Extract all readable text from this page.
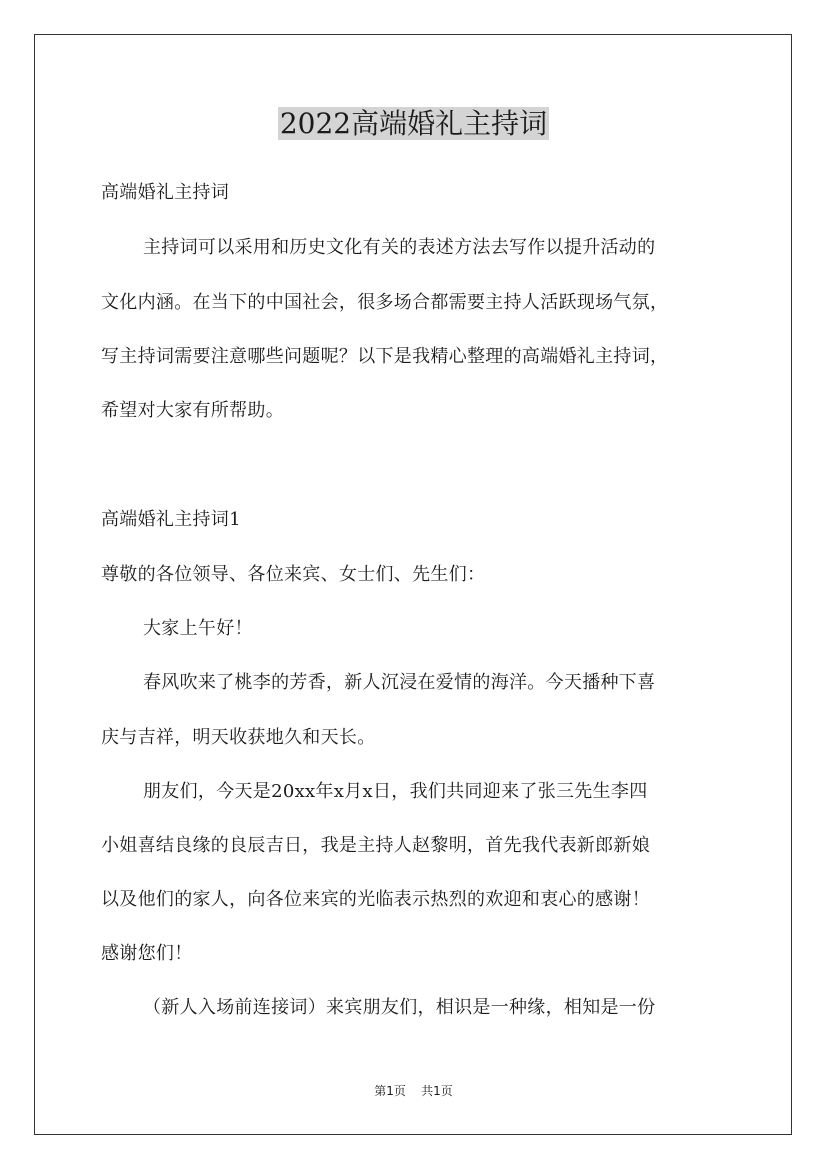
2022高端婚礼主持词
高端婚礼主持词
主持词可以采用和历史文化有关的表述方法去写作以提升活动的
文化内涵。在当下的中国社会，很多场合都需要主持人活跃现场气氛，
写主持词需要注意哪些问题呢？以下是我精心整理的高端婚礼主持词，
希望对大家有所帮助。
高端婚礼主持词1
尊敬的各位领导、各位来宾、女士们、先生们：
大家上午好！
春风吹来了桃李的芳香，新人沉浸在爱情的海洋。今天播种下喜
庆与吉祥，明天收获地久和天长。
朋友们，今天是20xx年x月x日，我们共同迎来了张三先生李四
小姐喜结良缘的良辰吉日，我是主持人赵黎明，首先我代表新郎新娘
以及他们的家人，向各位来宾的光临表示热烈的欢迎和衷心的感谢！
感谢您们！
（新人入场前连接词）来宾朋友们，相识是一种缘，相知是一份
第1页 共1页
